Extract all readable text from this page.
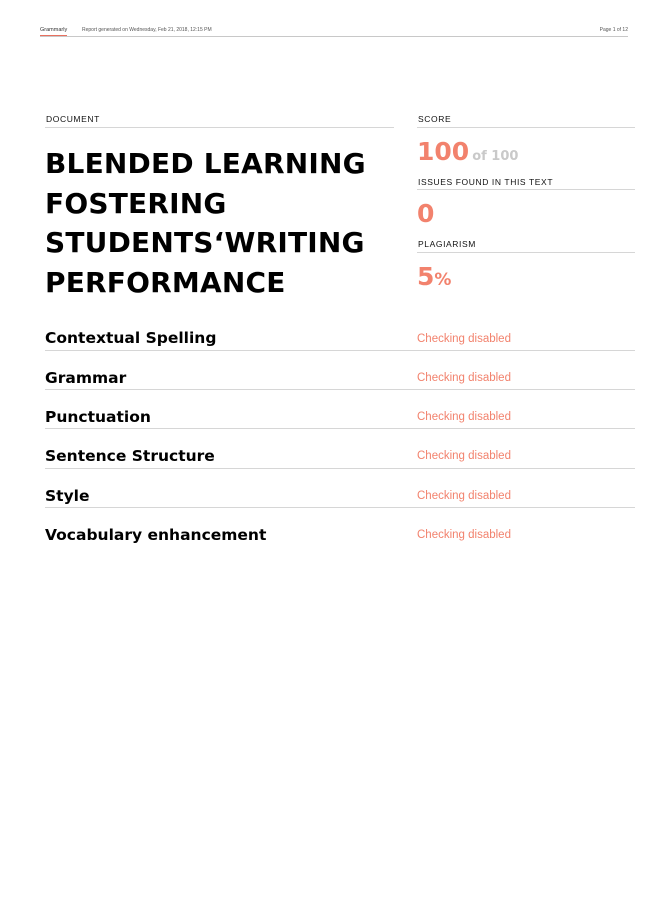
Grammarly	Report generated on Wednesday, Feb 21, 2018, 12:15 PM	Page 1 of 12
DOCUMENT
BLENDED LEARNING FOSTERING STUDENTS‘WRITING PERFORMANCE
SCORE
100 of 100
ISSUES FOUND IN THIS TEXT
0
PLAGIARISM
5%
Contextual Spelling	Checking disabled
Grammar	Checking disabled
Punctuation	Checking disabled
Sentence Structure	Checking disabled
Style	Checking disabled
Vocabulary enhancement	Checking disabled
